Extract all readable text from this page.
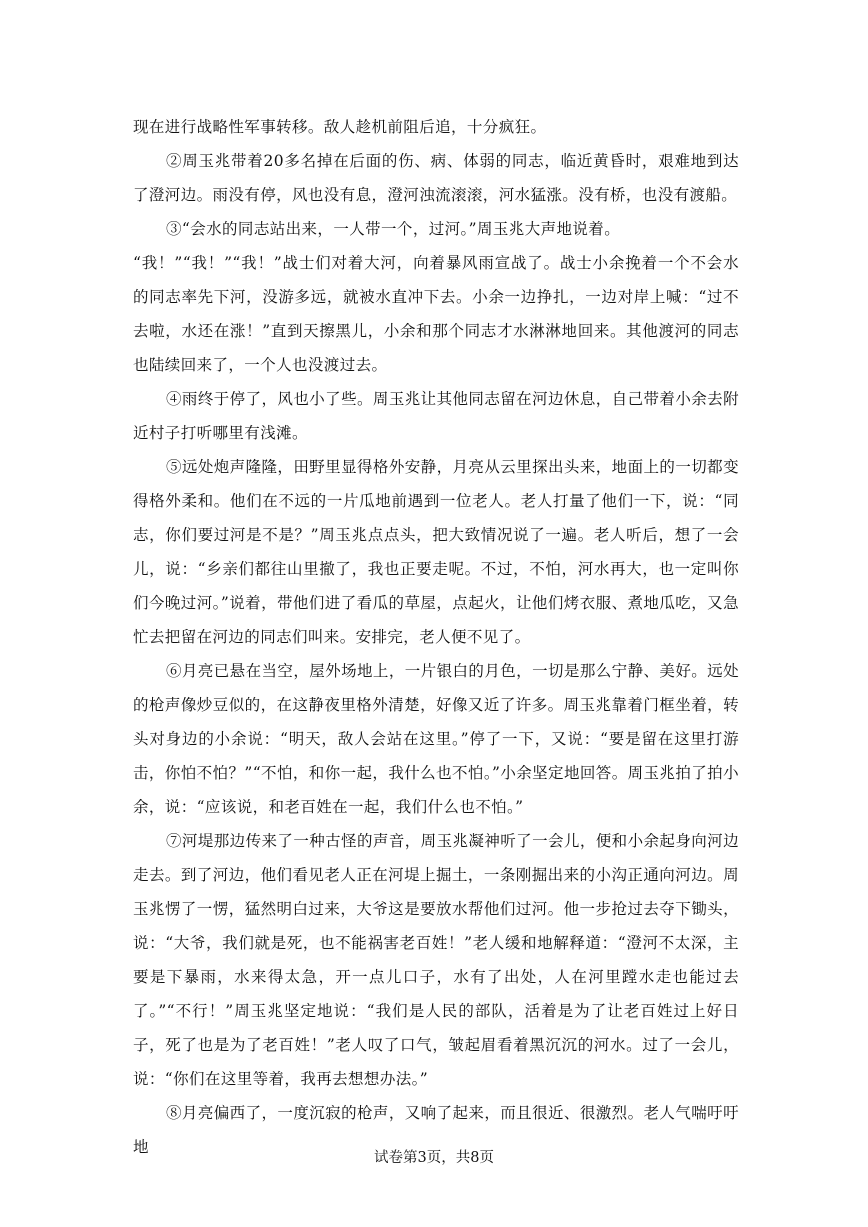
现在进行战略性军事转移。敌人趁机前阻后追，十分疯狂。

②周玉兆带着20多名掉在后面的伤、病、体弱的同志，临近黄昏时，艰难地到达了澄河边。雨没有停，风也没有息，澄河浊流滚滚，河水猛涨。没有桥，也没有渡船。

③“会水的同志站出来，一人带一个，过河。”周玉兆大声地说着。

“我！”“我！”“我！”战士们对着大河，向着暴风雨宣战了。战士小余挽着一个不会水的同志率先下河，没游多远，就被水直冲下去。小余一边挣扎，一边对岸上喊：“过不去啦，水还在涨！”直到天擦黑儿，小余和那个同志才水淋淋地回来。其他渡河的同志也陆续回来了，一个人也没渡过去。

④雨终于停了，风也小了些。周玉兆让其他同志留在河边休息，自己带着小余去附近村子打听哪里有浅滩。

⑤远处炮声隆隆，田野里显得格外安静，月亮从云里探出头来，地面上的一切都变得格外柔和。他们在不远的一片瓜地前遇到一位老人。老人打量了他们一下，说：“同志，你们要过河是不是？”周玉兆点点头，把大致情况说了一遍。老人听后，想了一会儿，说：“乡亲们都往山里撤了，我也正要走呢。不过，不怕，河水再大，也一定叫你们今晚过河。”说着，带他们进了看瓜的草屋，点起火，让他们烤衣服、煮地瓜吃，又急忙去把留在河边的同志们叫来。安排完，老人便不见了。

⑥月亮已悬在当空，屋外场地上，一片银白的月色，一切是那么宁静、美好。远处的枪声像炒豆似的，在这静夜里格外清楚，好像又近了许多。周玉兆靠着门框坐着，转头对身边的小余说：“明天，敌人会站在这里。”停了一下，又说：“要是留在这里打游击，你怕不怕？”“不怕，和你一起，我什么也不怕。”小余坚定地回答。周玉兆拍了拍小余，说：“应该说，和老百姓在一起，我们什么也不怕。”

⑦河堤那边传来了一种古怪的声音，周玉兆凝神听了一会儿，便和小余起身向河边走去。到了河边，他们看见老人正在河堤上掘土，一条刚掘出来的小沟正通向河边。周玉兆愣了一愣，猛然明白过来，大爷这是要放水帮他们过河。他一步抢过去夺下锄头，说：“大爷，我们就是死，也不能祸害老百姓！”老人缓和地解释道：“澄河不太深，主要是下暴雨，水来得太急，开一点儿口子，水有了出处，人在河里蹚水走也能过去了。”“不行！”周玉兆坚定地说：“我们是人民的部队，活着是为了让老百姓过上好日子，死了也是为了老百姓！”老人叹了口气，皱起眉看着黑沉沉的河水。过了一会儿，说：“你们在这里等着，我再去想想办法。”

⑧月亮偏西了，一度沉寂的枪声，又响了起来，而且很近、很激烈。老人气喘吁吁地

试卷第3页，共8页
